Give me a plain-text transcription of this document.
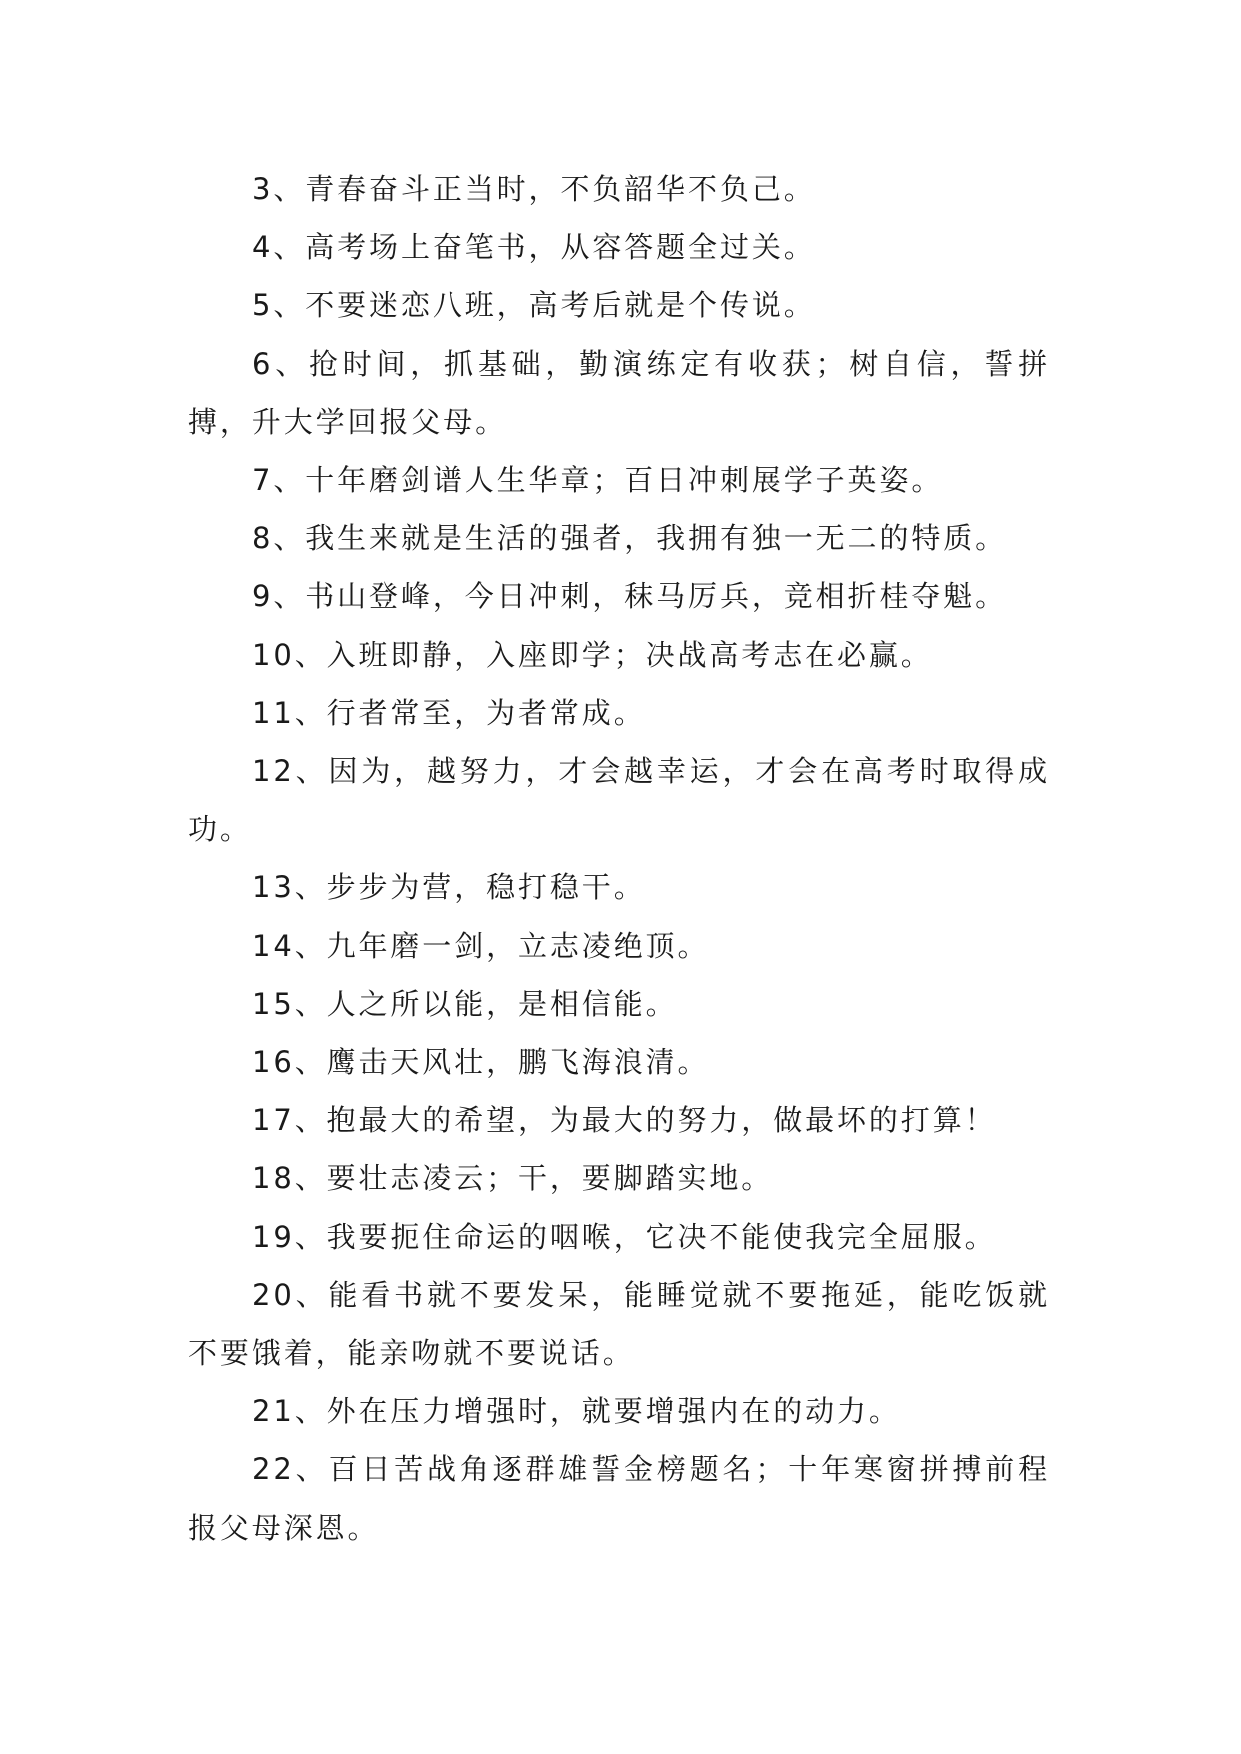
3、青春奋斗正当时，不负韶华不负己。

4、高考场上奋笔书，从容答题全过关。

5、不要迷恋八班，高考后就是个传说。

6、抢时间，抓基础，勤演练定有收获；树自信，誓拼搏，升大学回报父母。

7、十年磨剑谱人生华章；百日冲刺展学子英姿。

8、我生来就是生活的强者，我拥有独一无二的特质。

9、书山登峰，今日冲刺，秣马厉兵，竞相折桂夺魁。

10、入班即静，入座即学；决战高考志在必赢。

11、行者常至，为者常成。

12、因为，越努力，才会越幸运，才会在高考时取得成功。

13、步步为营，稳打稳干。

14、九年磨一剑，立志凌绝顶。

15、人之所以能，是相信能。

16、鹰击天风壮，鹏飞海浪清。

17、抱最大的希望，为最大的努力，做最坏的打算！

18、要壮志凌云；干，要脚踏实地。

19、我要扼住命运的咽喉，它决不能使我完全屈服。

20、能看书就不要发呆，能睡觉就不要拖延，能吃饭就不要饿着，能亲吻就不要说话。

21、外在压力增强时，就要增强内在的动力。

22、百日苦战角逐群雄誓金榜题名；十年寒窗拼搏前程报父母深恩。
